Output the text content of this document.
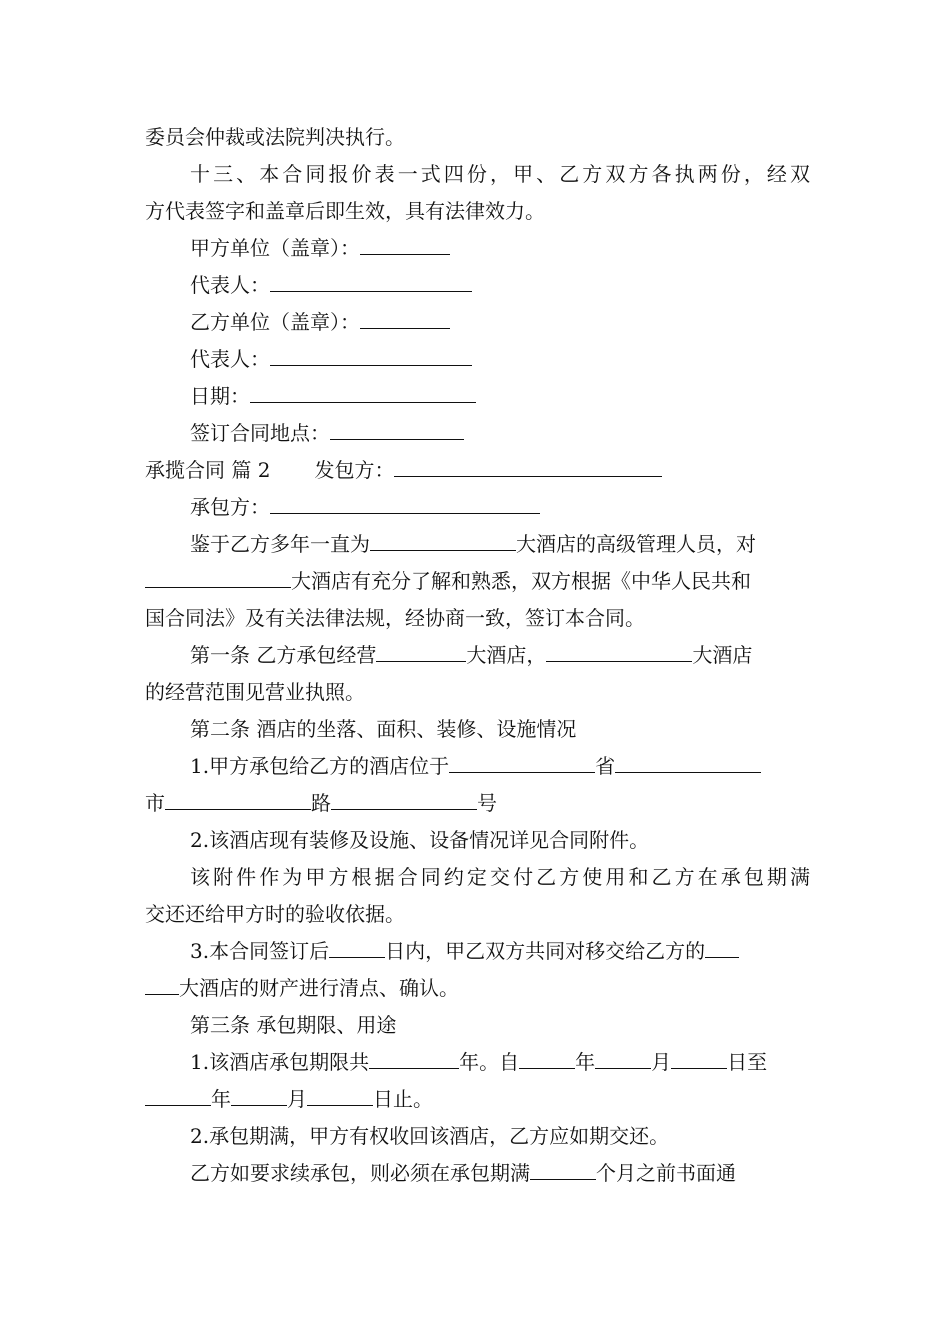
委员会仲裁或法院判决执行。
十三、本合同报价表一式四份，甲、乙方双方各执两份，经双
方代表签字和盖章后即生效，具有法律效力。
甲方单位（盖章）：
代表人：
乙方单位（盖章）：
代表人：
日期：
签订合同地点：
承揽合同 篇 2 发包方：
承包方：
鉴于乙方多年一直为	大酒店的高级管理人员，对
大酒店有充分了解和熟悉，双方根据《中华人民共和
国合同法》及有关法律法规，经协商一致，签订本合同。
第一条 乙方承包经营	大酒店，	大酒店
的经营范围见营业执照。
第二条 酒店的坐落、面积、装修、设施情况
1.甲方承包给乙方的酒店位于	省
市	路	号
2.该酒店现有装修及设施、设备情况详见合同附件。
该附件作为甲方根据合同约定交付乙方使用和乙方在承包期满
交还还给甲方时的验收依据。
3.本合同签订后	日内，甲乙双方共同对移交给乙方的
大酒店的财产进行清点、确认。
第三条 承包期限、用途
1.该酒店承包期限共	年。自	年	月	日至
年	月	日止。
2.承包期满，甲方有权收回该酒店，乙方应如期交还。
乙方如要求续承包，则必须在承包期满	个月之前书面通
